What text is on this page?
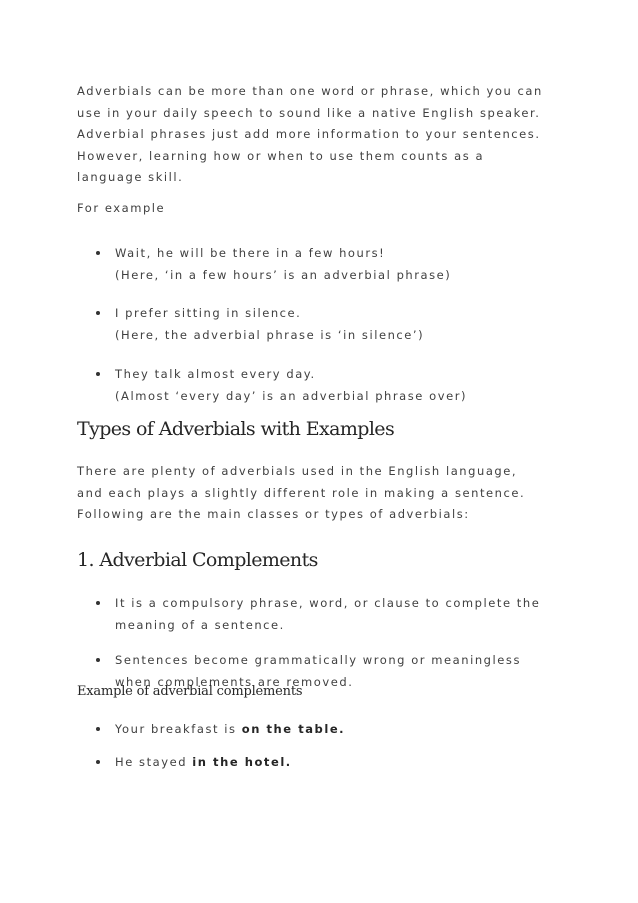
Adverbials can be more than one word or phrase, which you can use in your daily speech to sound like a native English speaker. Adverbial phrases just add more information to your sentences. However, learning how or when to use them counts as a language skill.

For example

Wait, he will be there in a few hours!

(Here, ‘in a few hours’ is an adverbial phrase)

I prefer sitting in silence.

(Here, the adverbial phrase is ‘in silence’)

They talk almost every day.

(Almost ‘every day’ is an adverbial phrase over)

Types of Adverbials with Examples

There are plenty of adverbials used in the English language, and each plays a slightly different role in making a sentence. Following are the main classes or types of adverbials:

1. Adverbial Complements

It is a compulsory phrase, word, or clause to complete the meaning of a sentence.

Sentences become grammatically wrong or meaningless when complements are removed.

Example of adverbial complements

Your breakfast is on the table.

He stayed in the hotel.
